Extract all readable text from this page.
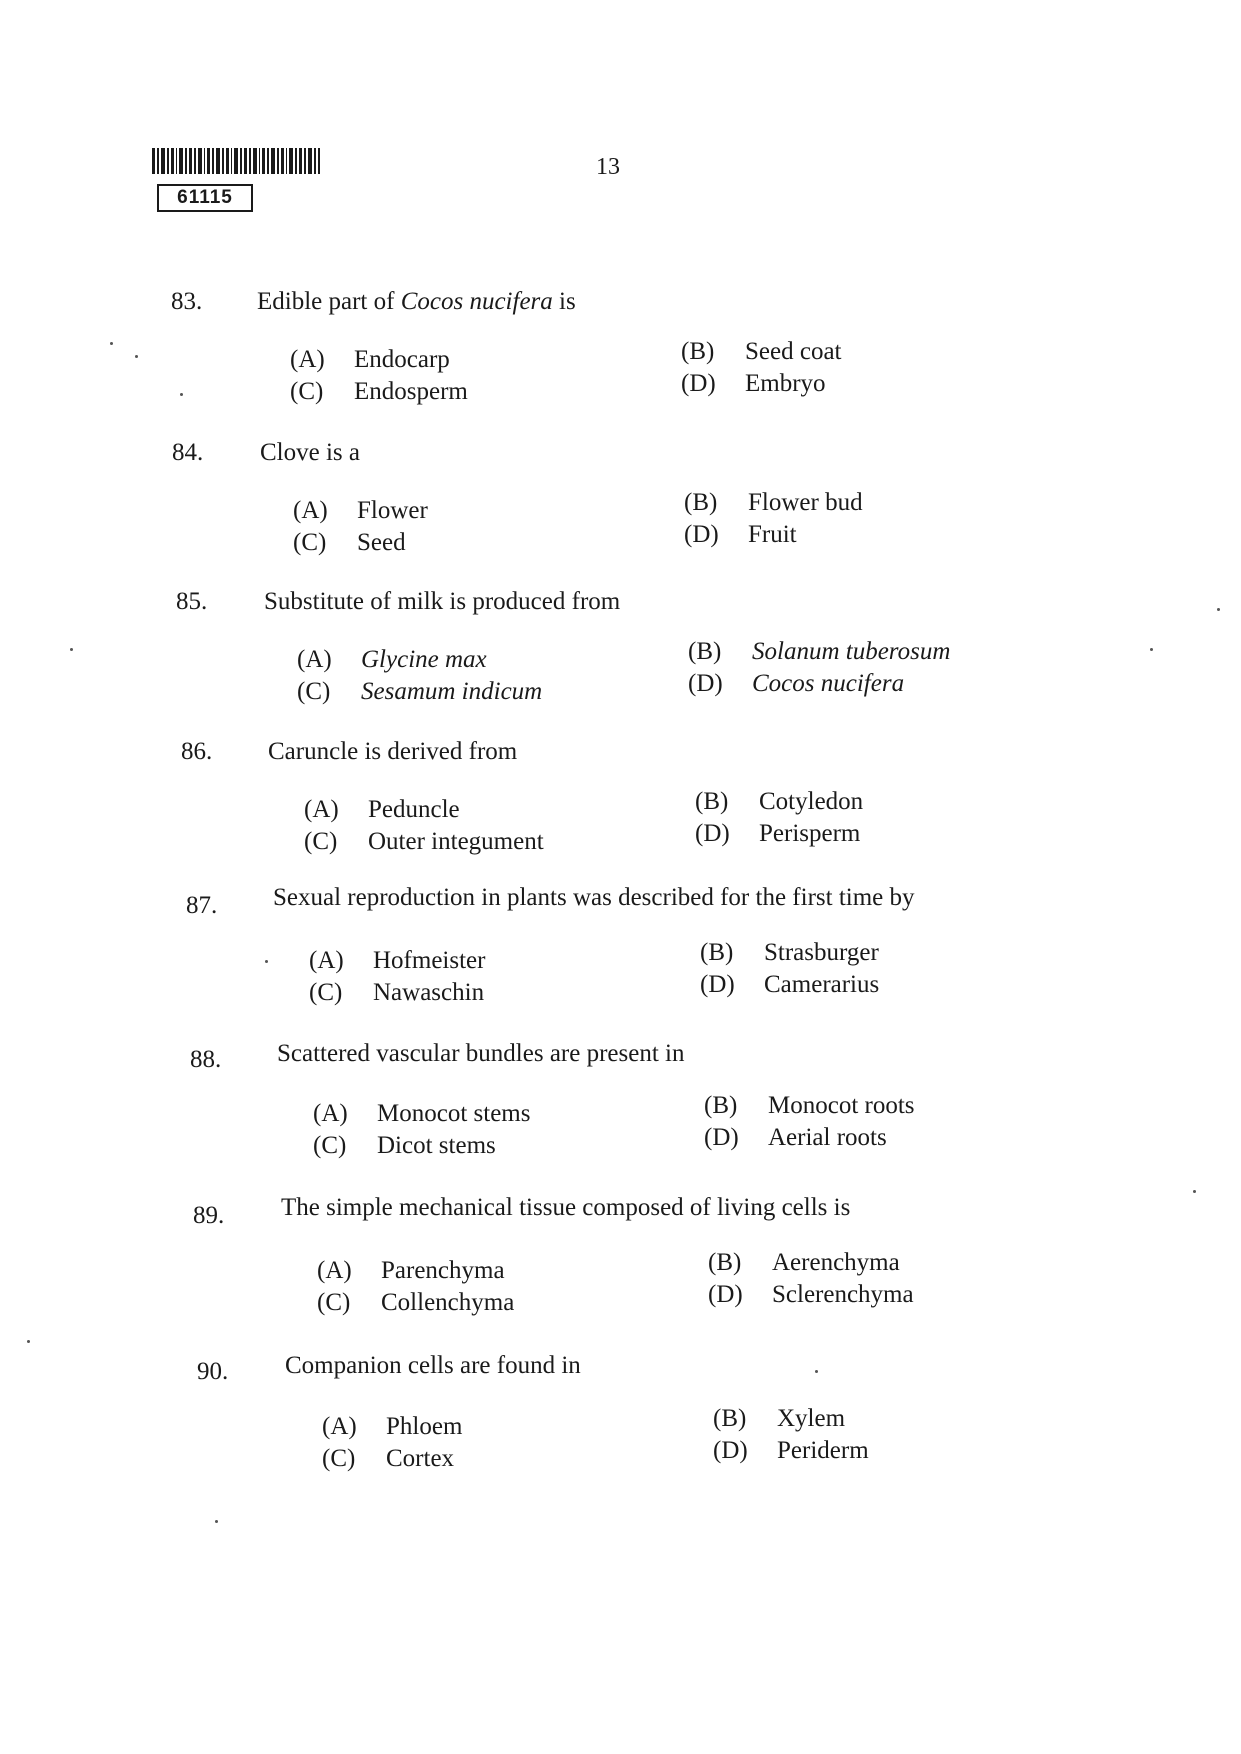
61115
13
83. Edible part of Cocos nucifera is
(A) Endocarp	(B) Seed coat
(C) Endosperm	(D) Embryo
84. Clove is a
(A) Flower	(B) Flower bud
(C) Seed	(D) Fruit
85. Substitute of milk is produced from
(A) Glycine max	(B) Solanum tuberosum
(C) Sesamum indicum	(D) Cocos nucifera
86. Caruncle is derived from
(A) Peduncle	(B) Cotyledon
(C) Outer integument	(D) Perisperm
87. Sexual reproduction in plants was described for the first time by
(A) Hofmeister	(B) Strasburger
(C) Nawaschin	(D) Camerarius
88. Scattered vascular bundles are present in
(A) Monocot stems	(B) Monocot roots
(C) Dicot stems	(D) Aerial roots
89. The simple mechanical tissue composed of living cells is
(A) Parenchyma	(B) Aerenchyma
(C) Collenchyma	(D) Sclerenchyma
90. Companion cells are found in
(A) Phloem	(B) Xylem
(C) Cortex	(D) Periderm
